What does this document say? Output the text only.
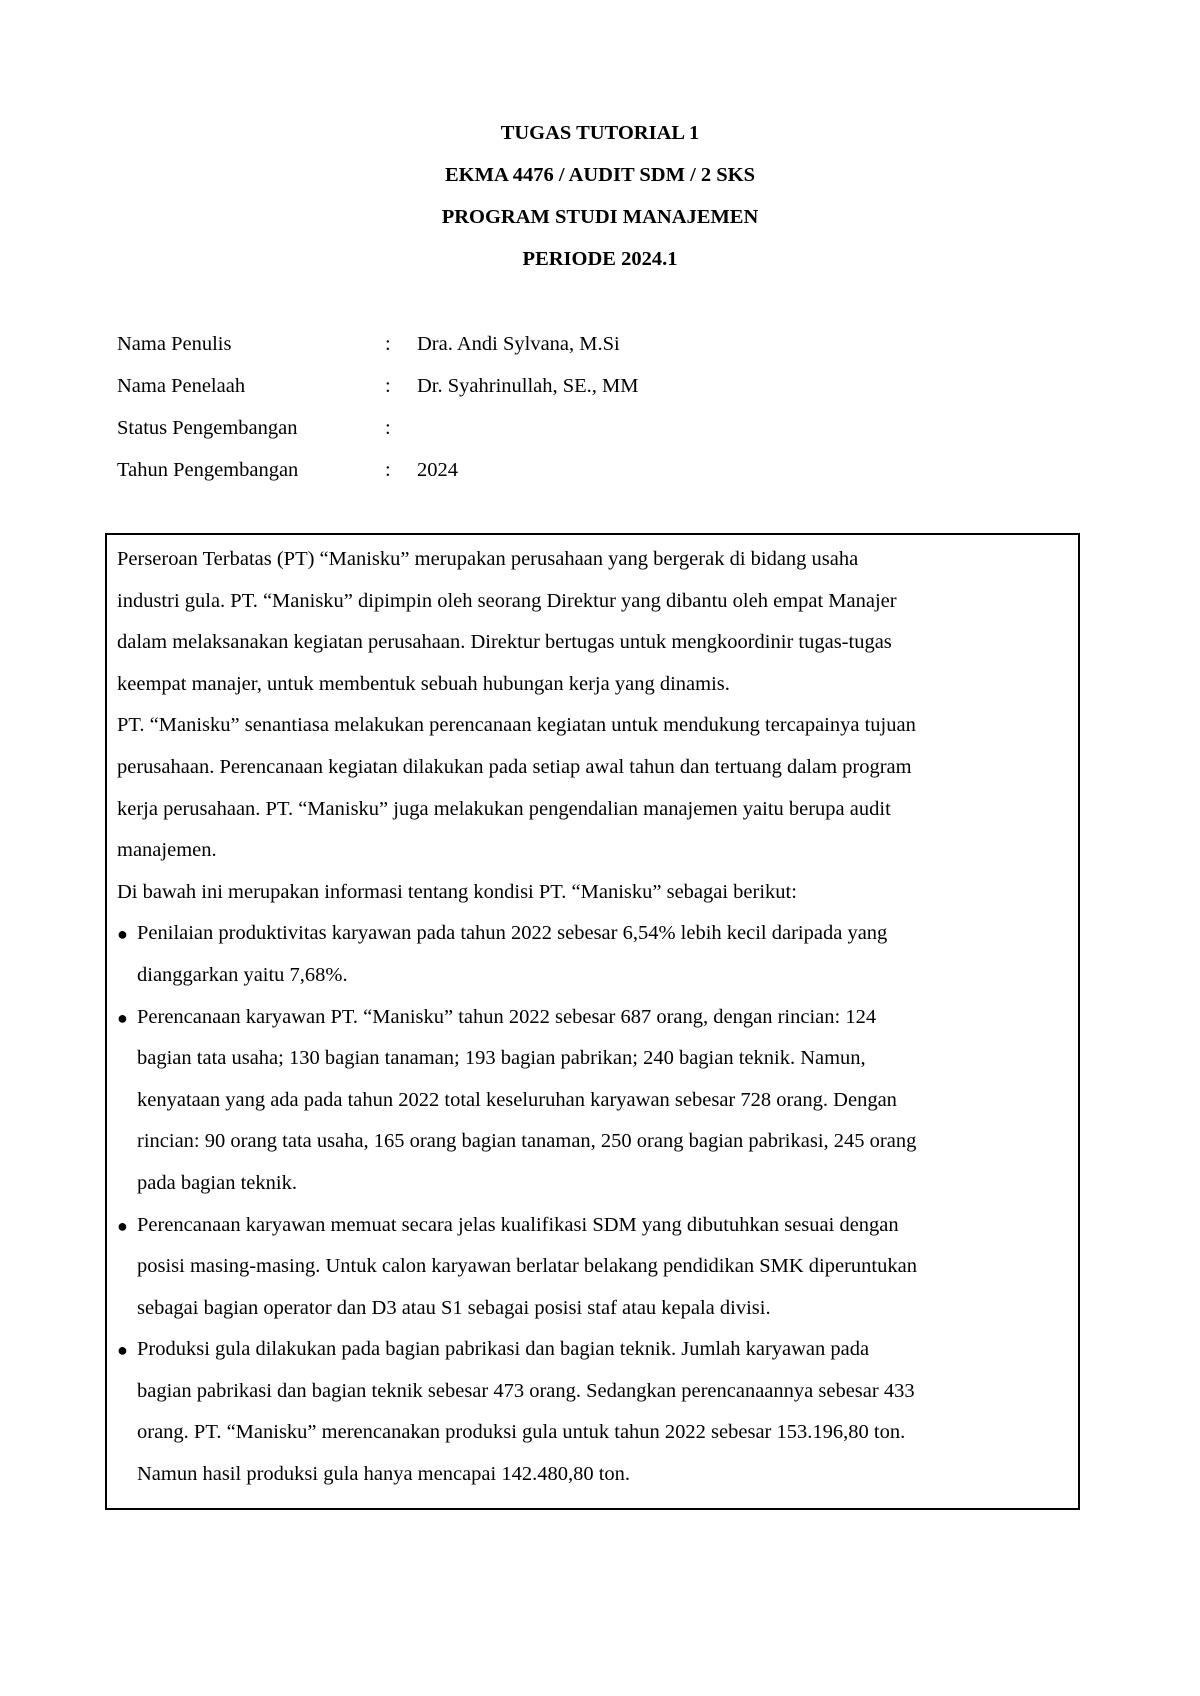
TUGAS TUTORIAL 1

EKMA 4476 / AUDIT SDM / 2 SKS

PROGRAM STUDI MANAJEMEN

PERIODE 2024.1

Nama Penulis	: Dra. Andi Sylvana, M.Si
Nama Penelaah	: Dr. Syahrinullah, SE., MM
Status Pengembangan	:
Tahun Pengembangan	: 2024
Perseroan Terbatas (PT) “Manisku” merupakan perusahaan yang bergerak di bidang usaha
industri gula. PT. “Manisku” dipimpin oleh seorang Direktur yang dibantu oleh empat Manajer
dalam melaksanakan kegiatan perusahaan. Direktur bertugas untuk mengkoordinir tugas-tugas
keempat manajer, untuk membentuk sebuah hubungan kerja yang dinamis.
PT. “Manisku” senantiasa melakukan perencanaan kegiatan untuk mendukung tercapainya tujuan
perusahaan. Perencanaan kegiatan dilakukan pada setiap awal tahun dan tertuang dalam program
kerja perusahaan. PT. “Manisku” juga melakukan pengendalian manajemen yaitu berupa audit
manajemen.
Di bawah ini merupakan informasi tentang kondisi PT. “Manisku” sebagai berikut:
● Penilaian produktivitas karyawan pada tahun 2022 sebesar 6,54% lebih kecil daripada yang
dianggarkan yaitu 7,68%.
● Perencanaan karyawan PT. “Manisku” tahun 2022 sebesar 687 orang, dengan rincian: 124
bagian tata usaha; 130 bagian tanaman; 193 bagian pabrikan; 240 bagian teknik. Namun,
kenyataan yang ada pada tahun 2022 total keseluruhan karyawan sebesar 728 orang. Dengan
rincian: 90 orang tata usaha, 165 orang bagian tanaman, 250 orang bagian pabrikasi, 245 orang
pada bagian teknik.
● Perencanaan karyawan memuat secara jelas kualifikasi SDM yang dibutuhkan sesuai dengan
posisi masing-masing. Untuk calon karyawan berlatar belakang pendidikan SMK diperuntukan
sebagai bagian operator dan D3 atau S1 sebagai posisi staf atau kepala divisi.
● Produksi gula dilakukan pada bagian pabrikasi dan bagian teknik. Jumlah karyawan pada
bagian pabrikasi dan bagian teknik sebesar 473 orang. Sedangkan perencanaannya sebesar 433
orang. PT. “Manisku” merencanakan produksi gula untuk tahun 2022 sebesar 153.196,80 ton.
Namun hasil produksi gula hanya mencapai 142.480,80 ton.
